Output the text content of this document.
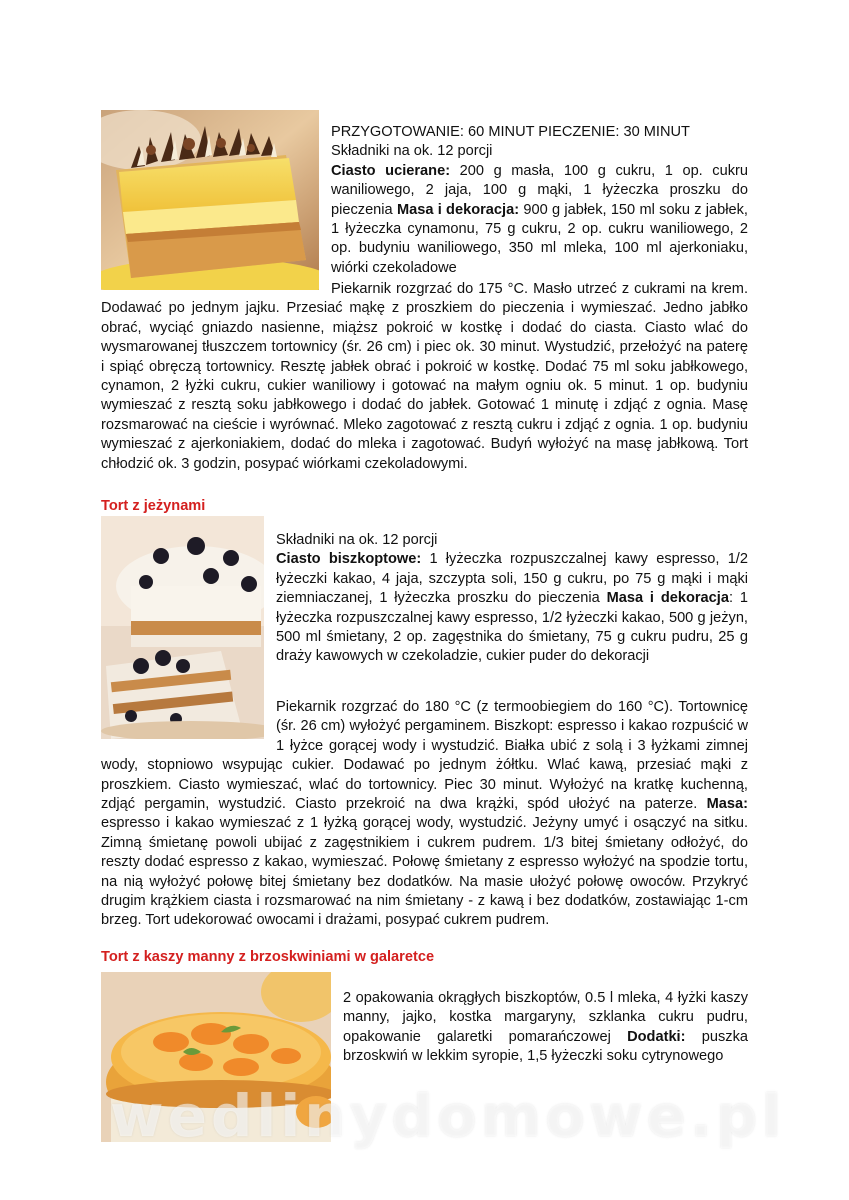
PRZYGOTOWANIE: 60 MINUT PIECZENIE: 30 MINUT
Składniki na ok. 12 porcji
Ciasto ucierane: 200 g masła, 100 g cukru, 1 op. cukru waniliowego, 2 jaja, 100 g mąki, 1 łyżeczka proszku do pieczenia Masa i dekoracja: 900 g jabłek, 150 ml soku z jabłek, 1 łyżeczka cynamonu, 75 g cukru, 2 op. cukru waniliowego, 2 op. budyniu waniliowego, 350 ml mleka, 100 ml ajerkoniaku, wiórki czekoladowe
Piekarnik rozgrzać do 175 °C. Masło utrzeć z cukrami na krem. Dodawać po jednym jajku. Przesiać mąkę z proszkiem do pieczenia i wymieszać. Jedno jabłko obrać, wyciąć gniazdo nasienne, miąższ pokroić w kostkę i dodać do ciasta. Ciasto wlać do wysmarowanej tłuszczem tortownicy (śr. 26 cm) i piec ok. 30 minut. Wystudzić, przełożyć na paterę i spiąć obręczą tortownicy. Resztę jabłek obrać i pokroić w kostkę. Dodać 75 ml soku jabłkowego, cynamon, 2 łyżki cukru, cukier waniliowy i gotować na małym ogniu ok. 5 minut. 1 op. budyniu wymieszać z resztą soku jabłkowego i dodać do jabłek. Gotować 1 minutę i zdjąć z ognia. Masę rozsmarować na cieście i wyrównać. Mleko zagotować z resztą cukru i zdjąć z ognia. 1 op. budyniu wymieszać z ajerkoniakiem, dodać do mleka i zagotować. Budyń wyłożyć na masę jabłkową. Tort chłodzić ok. 3 godzin, posypać wiórkami czekoladowymi.
Tort z jeżynami
Składniki na ok. 12 porcji
Ciasto biszkoptowe: 1 łyżeczka rozpuszczalnej kawy espresso, 1/2 łyżeczki kakao, 4 jaja, szczypta soli, 150 g cukru, po 75 g mąki i mąki ziemniaczanej, 1 łyżeczka proszku do pieczenia Masa i dekoracja: 1 łyżeczka rozpuszczalnej kawy espresso, 1/2 łyżeczki kakao, 500 g jeżyn, 500 ml śmietany, 2 op. zagęstnika do śmietany, 75 g cukru pudru, 25 g draży kawowych w czekoladzie, cukier puder do dekoracji
Piekarnik rozgrzać do 180 °C (z termoobiegiem do 160 °C). Tortownicę (śr. 26 cm) wyłożyć pergaminem. Biszkopt: espresso i kakao rozpuścić w 1 łyżce gorącej wody i wystudzić. Białka ubić z solą i 3 łyżkami zimnej wody, stopniowo wsypując cukier. Dodawać po jednym żółtku. Wlać kawą, przesiać mąki z proszkiem. Ciasto wymieszać, wlać do tortownicy. Piec 30 minut. Wyłożyć na kratkę kuchenną, zdjąć pergamin, wystudzić. Ciasto przekroić na dwa krążki, spód ułożyć na paterze. Masa: espresso i kakao wymieszać z 1 łyżką gorącej wody, wystudzić. Jeżyny umyć i osączyć na sitku. Zimną śmietanę powoli ubijać z zagęstnikiem i cukrem pudrem. 1/3 bitej śmietany odłożyć, do reszty dodać espresso z kakao, wymieszać. Połowę śmietany z espresso wyłożyć na spodzie tortu, na nią wyłożyć połowę bitej śmietany bez dodatków. Na masie ułożyć połowę owoców. Przykryć drugim krążkiem ciasta i rozsmarować na nim śmietany - z kawą i bez dodatków, zostawiając 1-cm brzeg. Tort udekorować owocami i drażami, posypać cukrem pudrem.
Tort z kaszy manny z brzoskwiniami w galaretce
2 opakowania okrągłych biszkoptów, 0.5 l mleka, 4 łyżki kaszy manny, jajko, kostka margaryny, szklanka cukru pudru, opakowanie galaretki pomarańczowej Dodatki: puszka brzoskwiń w lekkim syropie, 1,5 łyżeczki soku cytrynowego
wedlinydomowe.pl
